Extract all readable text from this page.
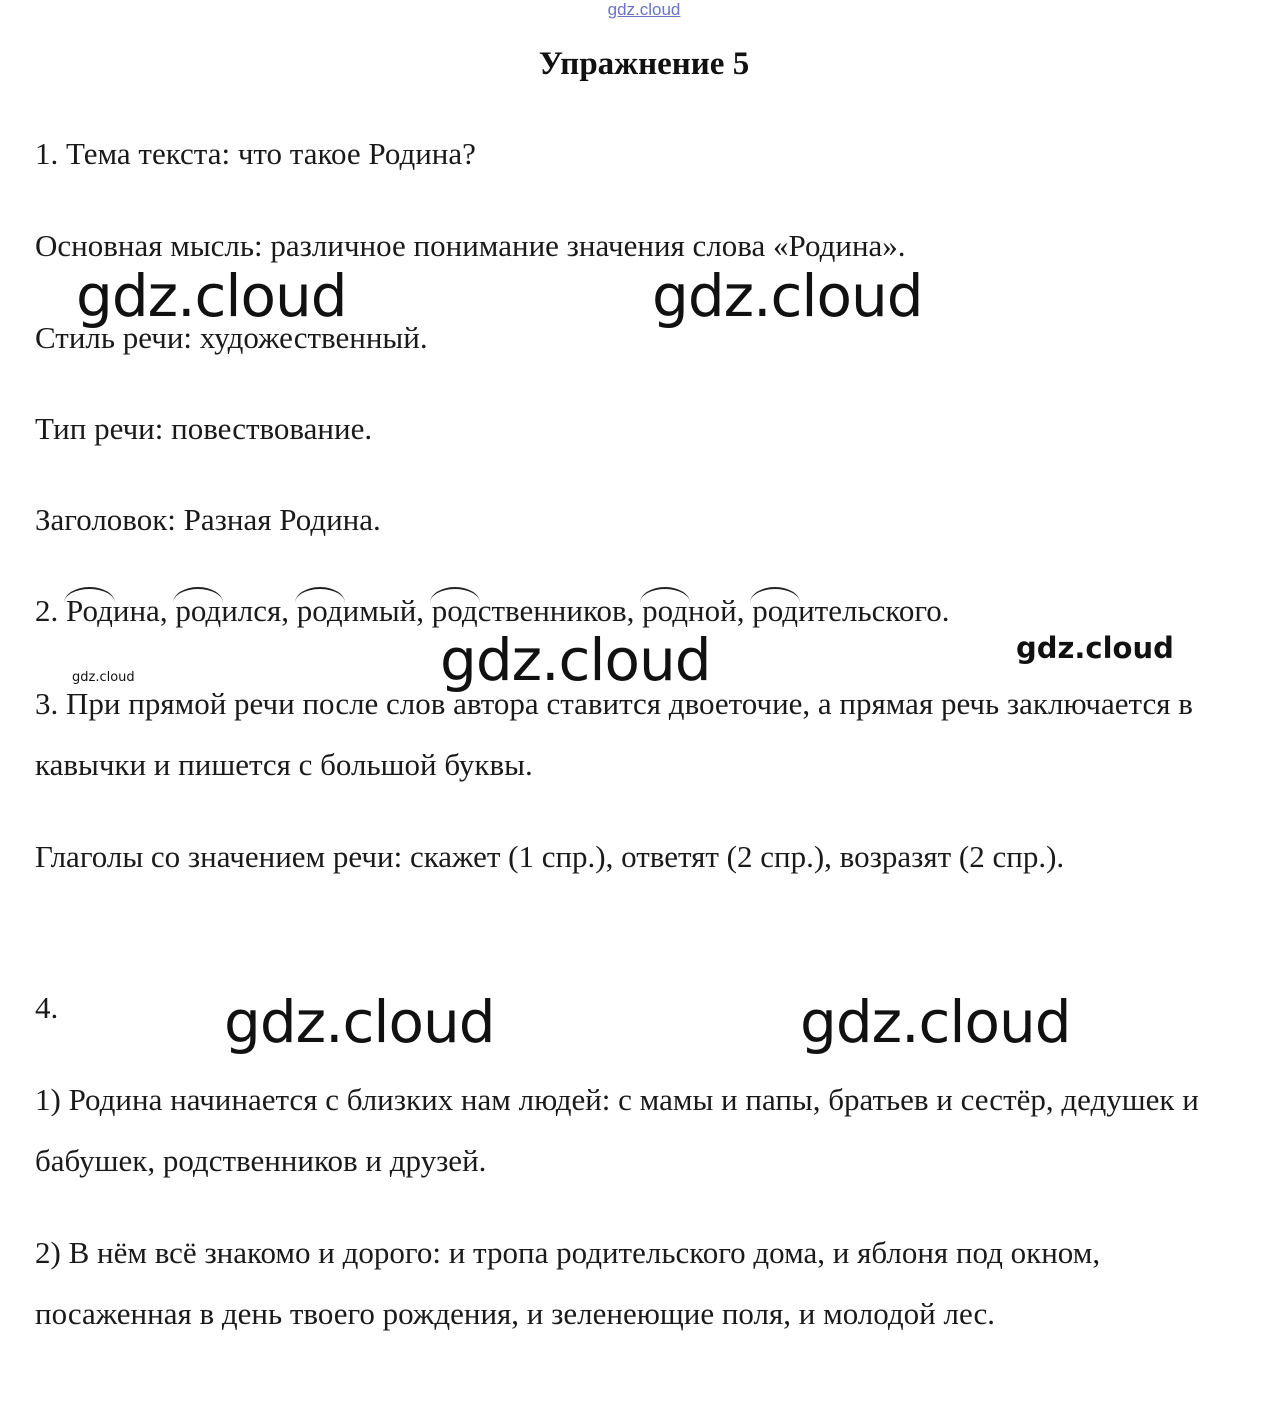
gdz.cloud
Упражнение 5
1. Тема текста: что такое Родина?
Основная мысль: различное понимание значения слова «Родина».
Стиль речи: художественный.
Тип речи: повествование.
Заголовок: Разная Родина.
2. Род
ина, род
ился, род
имый, род
ственников, род
ной, род
ительского.
3. При прямой речи после слов автора ставится двоеточие, а прямая речь заключается в кавычки и пишется с большой буквы.
Глаголы со значением речи: скажет (1 спр.), ответят (2 спр.), возразят (2 спр.).
4.
1) Родина начинается с близких нам людей: с мамы и папы, братьев и сестёр, дедушек и бабушек, родственников и друзей.
2) В нём всё знакомо и дорого: и тропа родительского дома, и яблоня под окном, посаженная в день твоего рождения, и зеленеющие поля, и молодой лес.
gdz.cloud	gdz.cloud
gdz.cloud	gdz.cloud
gdz.cloud
gdz.cloud	gdz.cloud
